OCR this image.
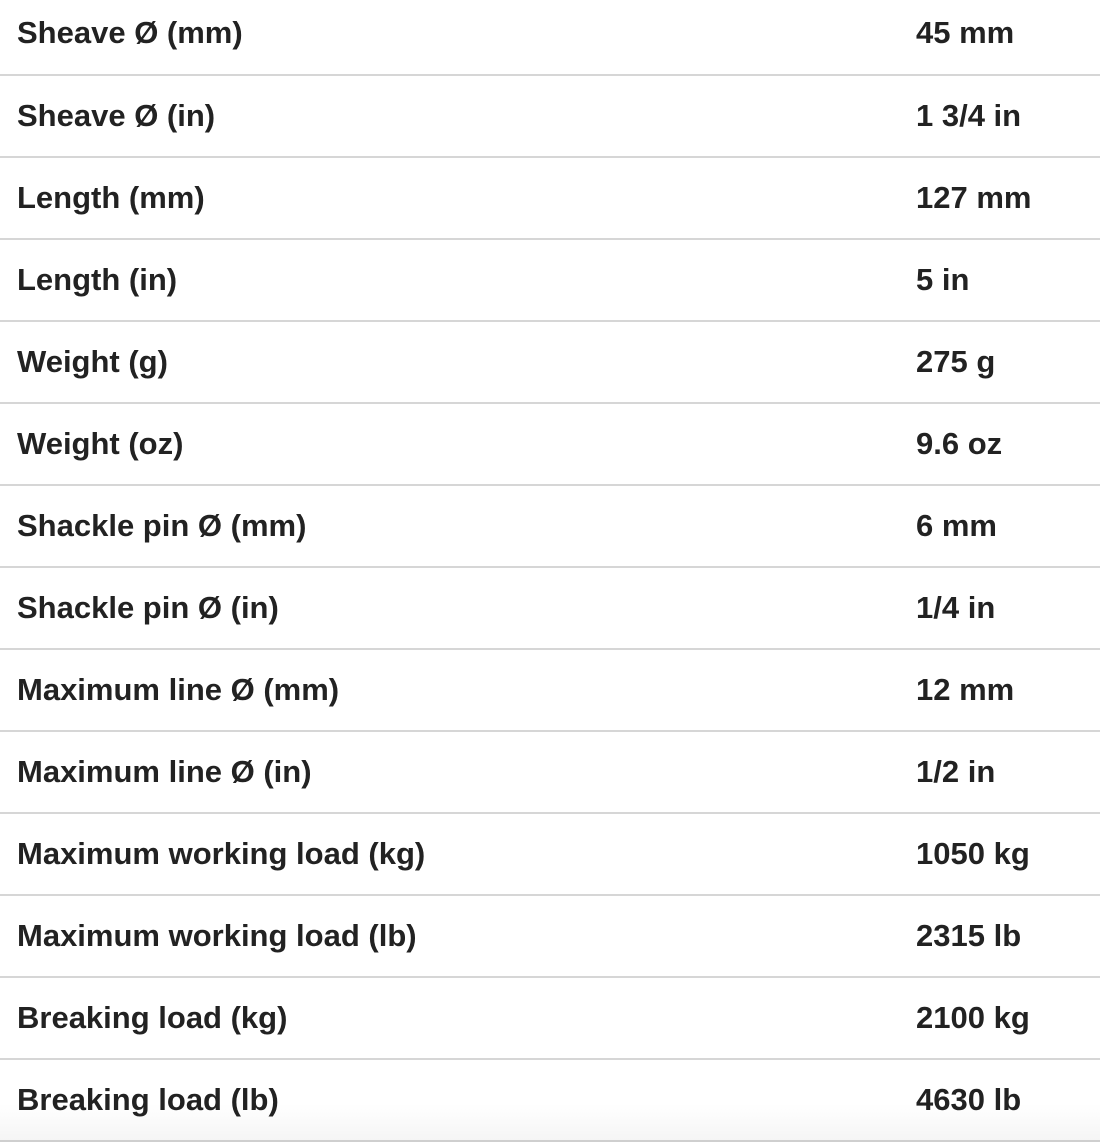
Sheave Ø (mm)	45 mm
Sheave Ø (in)	1 3/4 in
Length (mm)	127 mm
Length (in)	5 in
Weight (g)	275 g
Weight (oz)	9.6 oz
Shackle pin Ø (mm)	6 mm
Shackle pin Ø (in)	1/4 in
Maximum line Ø (mm)	12 mm
Maximum line Ø (in)	1/2 in
Maximum working load (kg)	1050 kg
Maximum working load (lb)	2315 lb
Breaking load (kg)	2100 kg
Breaking load (lb)	4630 lb
